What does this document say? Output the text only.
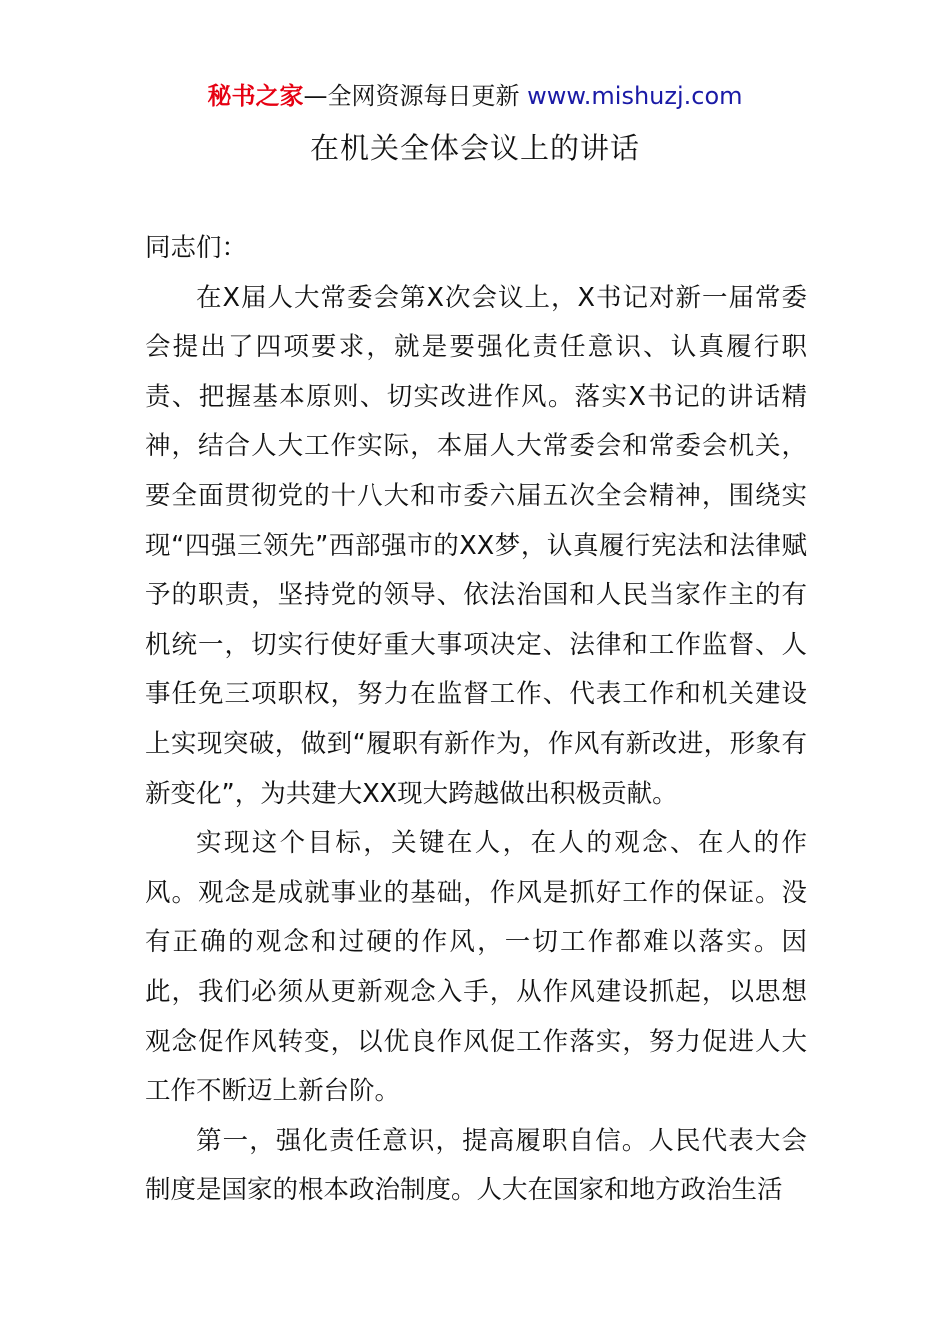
秘书之家—全网资源每日更新 www.mishuzj.com
在机关全体会议上的讲话

同志们：

在X届人大常委会第X次会议上，X书记对新一届常委会提出了四项要求，就是要强化责任意识、认真履行职责、把握基本原则、切实改进作风。落实X书记的讲话精神，结合人大工作实际，本届人大常委会和常委会机关，要全面贯彻党的十八大和市委六届五次全会精神，围绕实现“四强三领先”西部强市的XX梦，认真履行宪法和法律赋予的职责，坚持党的领导、依法治国和人民当家作主的有机统一，切实行使好重大事项决定、法律和工作监督、人事任免三项职权，努力在监督工作、代表工作和机关建设上实现突破，做到“履职有新作为，作风有新改进，形象有新变化”，为共建大XX现大跨越做出积极贡献。

实现这个目标，关键在人，在人的观念、在人的作风。观念是成就事业的基础，作风是抓好工作的保证。没有正确的观念和过硬的作风，一切工作都难以落实。因此，我们必须从更新观念入手，从作风建设抓起，以思想观念促作风转变，以优良作风促工作落实，努力促进人大工作不断迈上新台阶。

第一，强化责任意识，提高履职自信。人民代表大会制度是国家的根本政治制度。人大在国家和地方政治生活
